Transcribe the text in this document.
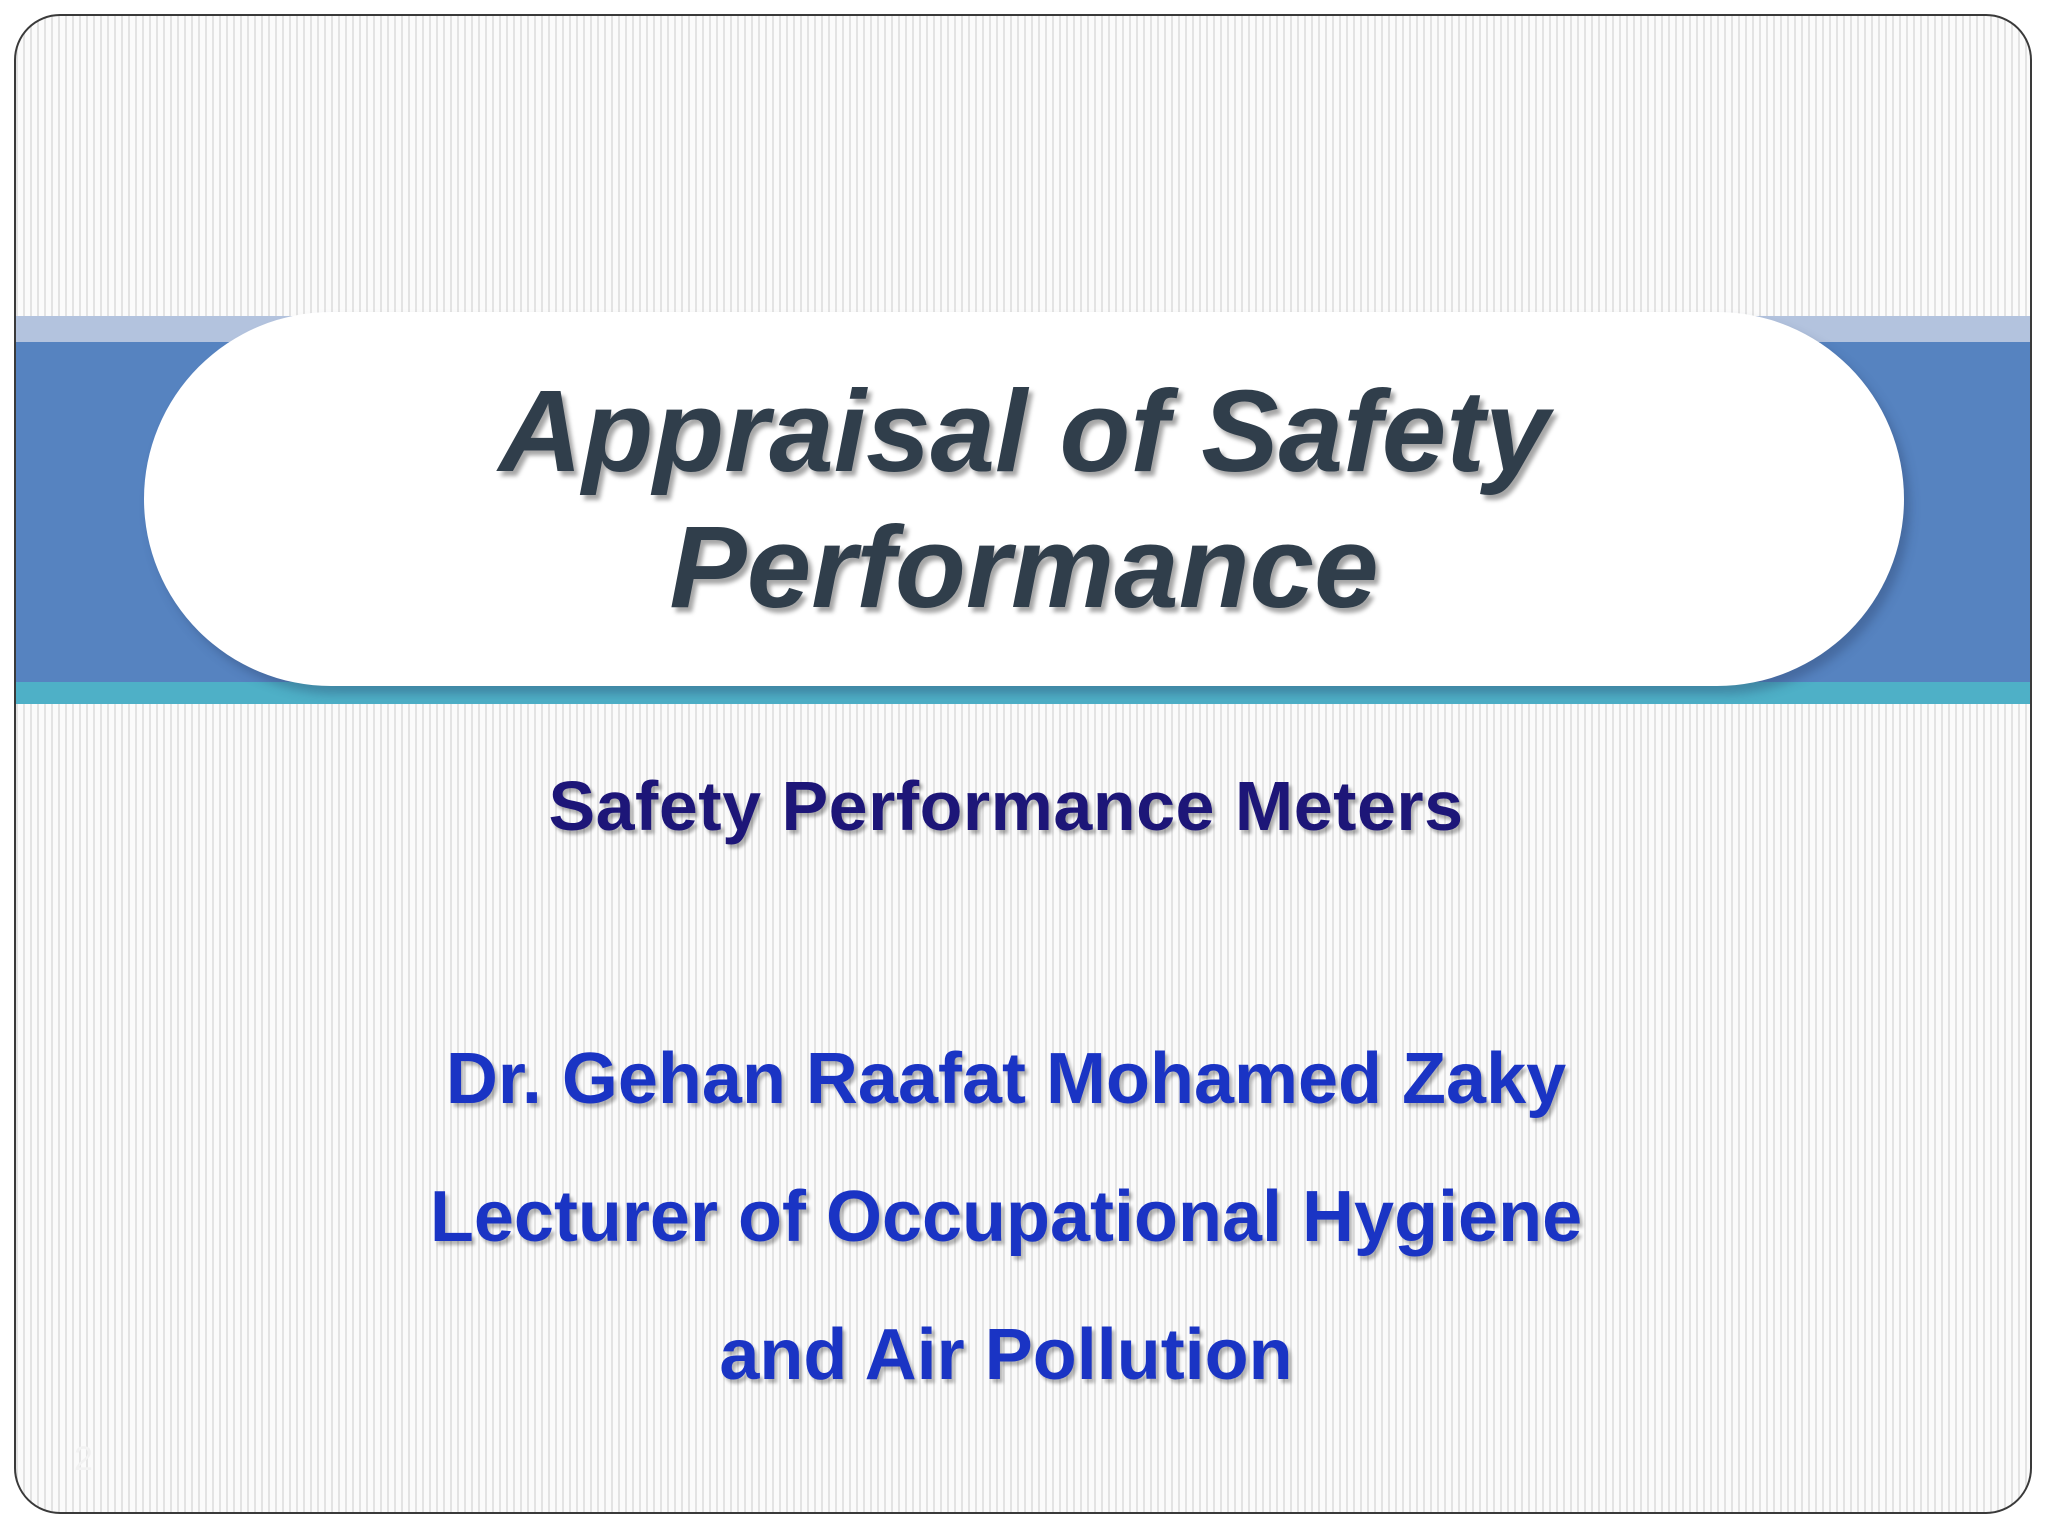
Appraisal of Safety
Performance
Safety Performance Meters
Dr. Gehan Raafat Mohamed Zaky
Lecturer of Occupational Hygiene
and Air Pollution
2
